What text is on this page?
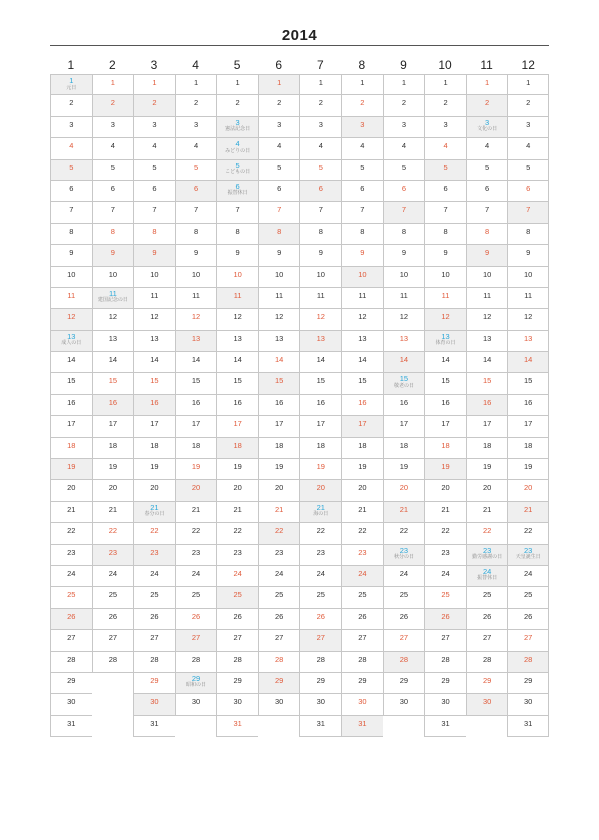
2014
1
1
元日
2
3
4
5
6
7
8
9
10
11
12
13
成人の日
14
15
16
17
18
19
20
21
22
23
24
25
26
27
28
29
30
31
2
1
2
3
4
5
6
7
8
9
10
11
建国記念の日
12
13
14
15
16
17
18
19
20
21
22
23
24
25
26
27
28
3
1
2
3
4
5
6
7
8
9
10
11
12
13
14
15
16
17
18
19
20
21
春分の日
22
23
24
25
26
27
28
29
30
31
4
1
2
3
4
5
6
7
8
9
10
11
12
13
14
15
16
17
18
19
20
21
22
23
24
25
26
27
28
29
昭和の日
30
5
1
2
3
憲法記念日
4
みどりの日
5
こどもの日
6
振替休日
7
8
9
10
11
12
13
14
15
16
17
18
19
20
21
22
23
24
25
26
27
28
29
30
31
6
1
2
3
4
5
6
7
8
9
10
11
12
13
14
15
16
17
18
19
20
21
22
23
24
25
26
27
28
29
30
7
1
2
3
4
5
6
7
8
9
10
11
12
13
14
15
16
17
18
19
20
21
海の日
22
23
24
25
26
27
28
29
30
31
8
1
2
3
4
5
6
7
8
9
10
11
12
13
14
15
16
17
18
19
20
21
22
23
24
25
26
27
28
29
30
31
9
1
2
3
4
5
6
7
8
9
10
11
12
13
14
15
敬老の日
16
17
18
19
20
21
22
23
秋分の日
24
25
26
27
28
29
30
10
1
2
3
4
5
6
7
8
9
10
11
12
13
体育の日
14
15
16
17
18
19
20
21
22
23
24
25
26
27
28
29
30
31
11
1
2
3
文化の日
4
5
6
7
8
9
10
11
12
13
14
15
16
17
18
19
20
21
22
23
勤労感謝の日
24
振替休日
25
26
27
28
29
30
12
1
2
3
4
5
6
7
8
9
10
11
12
13
14
15
16
17
18
19
20
21
22
23
天皇誕生日
24
25
26
27
28
29
30
31
